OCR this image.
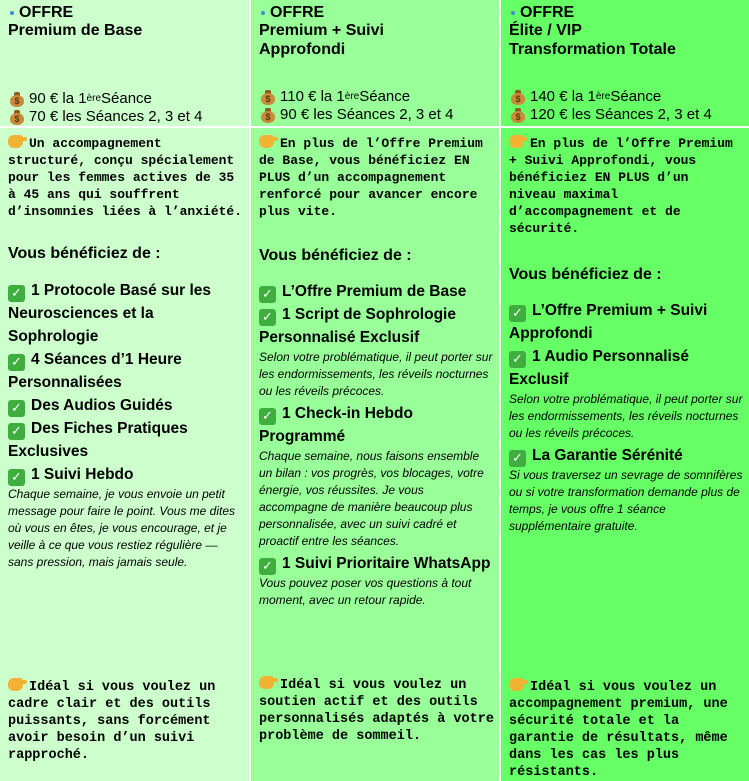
OFFRE
Premium de Base
$
90 € la 1 ère Séance
$
70 € les Séances 2, 3 et 4
OFFRE
Premium + Suivi
Approfondi
$
110 € la 1 ère Séance
$
90 € les Séances 2, 3 et 4
OFFRE
Élite / VIP
Transformation Totale
$
140 € la 1 ère Séance
$
120 € les Séances 2, 3 et 4
Un accompagnement structuré, conçu spécialement pour les femmes actives de 35 à 45 ans qui souffrent d’insomnies liées à l’anxiété.
Vous bénéficiez de :
✓ 1 Protocole Basé sur les Neurosciences et la Sophrologie
✓ 4 Séances d’1 Heure Personnalisées
✓ Des Audios Guidés
✓ Des Fiches Pratiques Exclusives
✓ 1 Suivi Hebdo
Chaque semaine, je vous envoie un petit message pour faire le point. Vous me dites où vous en êtes, je vous encourage, et je veille à ce que vous restiez régulière — sans pression, mais jamais seule.
Idéal si vous voulez un cadre clair et des outils puissants, sans forcément avoir besoin d’un suivi rapproché.
En plus de l’Offre Premium de Base, vous bénéficiez EN PLUS d’un accompagnement renforcé pour avancer encore plus vite.
Vous bénéficiez de :
✓ L’Offre Premium de Base
✓ 1 Script de Sophrologie Personnalisé Exclusif
Selon votre problématique, il peut porter sur les endormissements, les réveils nocturnes ou les réveils précoces.
✓ 1 Check-in Hebdo Programmé
Chaque semaine, nous faisons ensemble un bilan : vos progrès, vos blocages, votre énergie, vos réussites. Je vous accompagne de manière beaucoup plus personnalisée, avec un suivi cadré et proactif entre les séances.
✓ 1 Suivi Prioritaire WhatsApp
Vous pouvez poser vos questions à tout moment, avec un retour rapide.
Idéal si vous voulez un soutien actif et des outils personnalisés adaptés à votre problème de sommeil.
En plus de l’Offre Premium + Suivi Approfondi, vous bénéficiez EN PLUS d’un niveau maximal d’accompagnement et de sécurité.
Vous bénéficiez de :
✓ L’Offre Premium + Suivi Approfondi
✓ 1 Audio Personnalisé Exclusif
Selon votre problématique, il peut porter sur les endormissements, les réveils nocturnes ou les réveils précoces.
✓ La Garantie Sérénité
Si vous traversez un sevrage de somnifères ou si votre transformation demande plus de temps, je vous offre 1 séance supplémentaire gratuite.
Idéal si vous voulez un accompagnement premium, une sécurité totale et la garantie de résultats, même dans les cas les plus résistants.
